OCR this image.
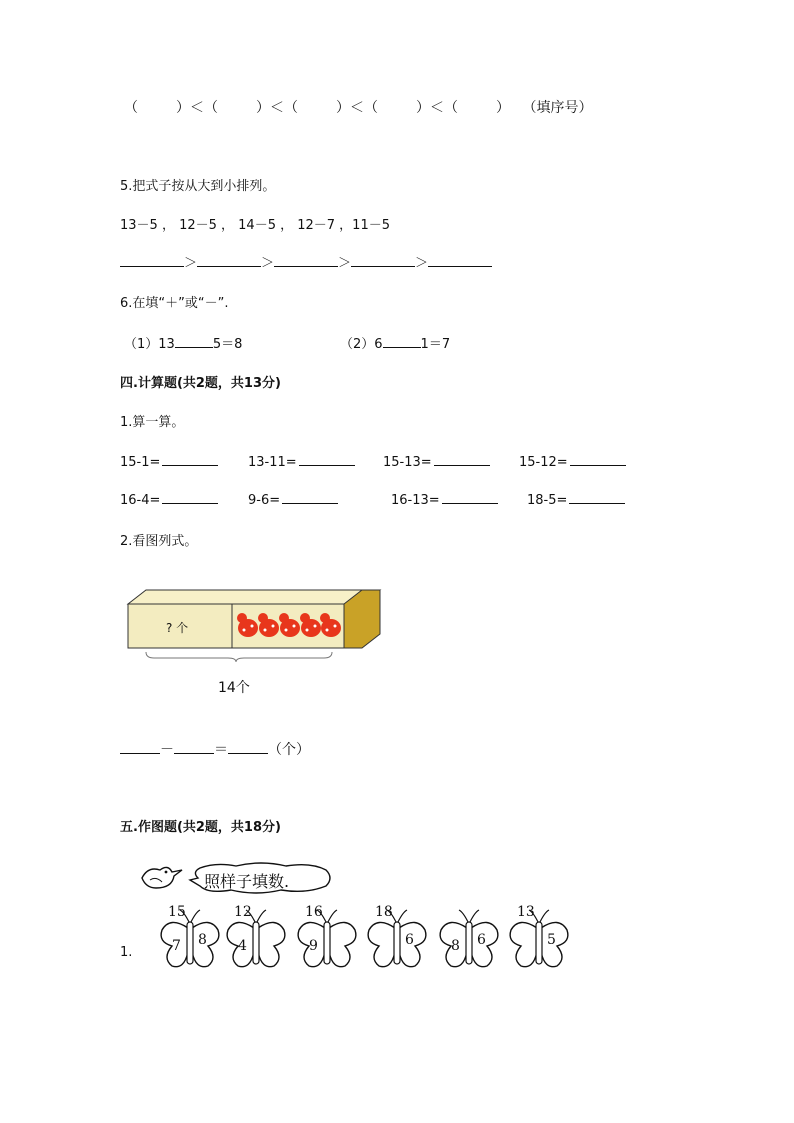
（	）＜（	）＜（	）＜（	）＜（	） （填序号）
5.把式子按从大到小排列。
13－5 ， 12－5 ， 14－5 ， 12－7 ，11－5
＞	＞	＞	＞
6.在填“＋”或“－”.
（1）13	5＝8	（2）6	1＝7
四.计算题(共2题，共13分)
1.算一算。
15-1=	13-11=	15-13=	15-12=
16-4=	9-6=	16-13=	18-5=
2.看图列式。
? 个
14个
－	＝	（个）
五.作图题(共2题，共18分)
照样子填数.
1.
15
7 8
12
4
16
9
18
6	8 6
13
5
